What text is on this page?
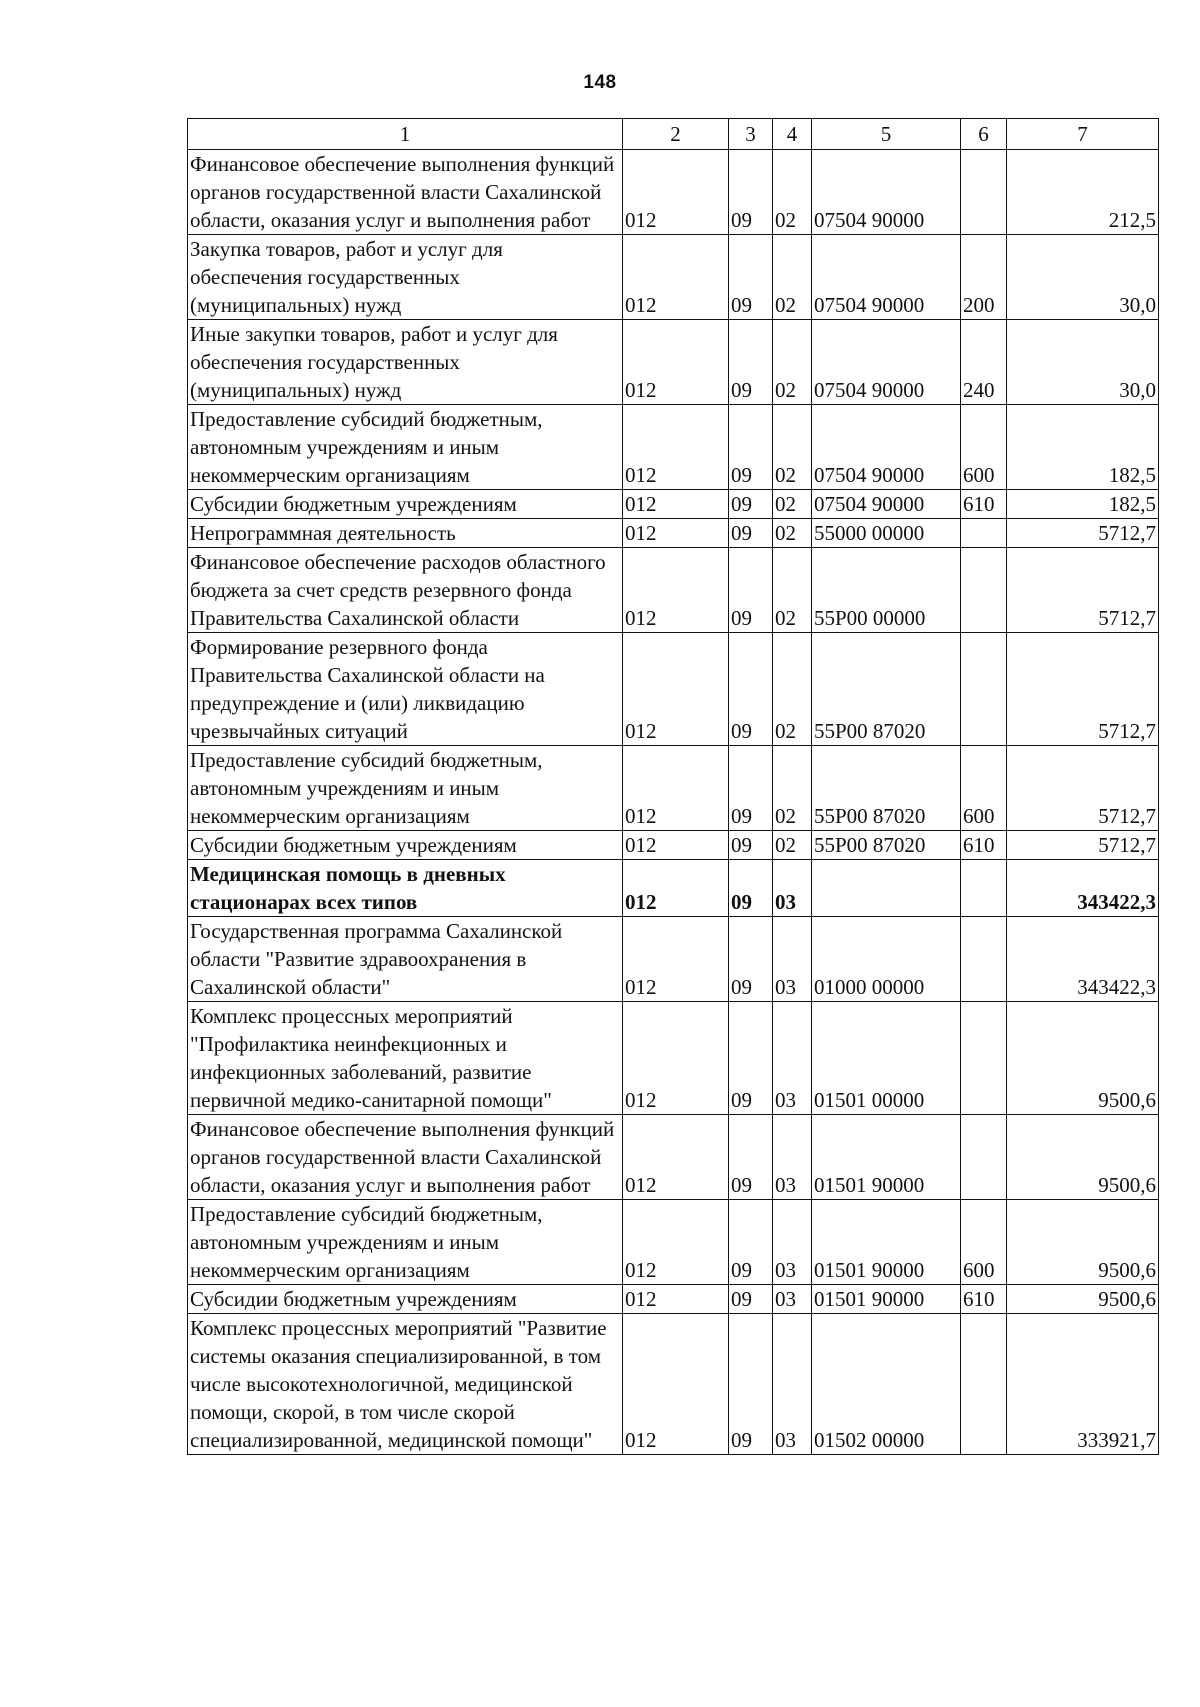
148
1	2	3	4	5	6	7
Финансовое обеспечение выполнения функций органов государственной власти Сахалинской области, оказания услуг и выполнения работ	012	09	02	07504 90000		212,5
Закупка товаров, работ и услуг для обеспечения государственных (муниципальных) нужд	012	09	02	07504 90000	200	30,0
Иные закупки товаров, работ и услуг для обеспечения государственных (муниципальных) нужд	012	09	02	07504 90000	240	30,0
Предоставление субсидий бюджетным, автономным учреждениям и иным некоммерческим организациям	012	09	02	07504 90000	600	182,5
Субсидии бюджетным учреждениям	012	09	02	07504 90000	610	182,5
Непрограммная деятельность	012	09	02	55000 00000		5712,7
Финансовое обеспечение расходов областного бюджета за счет средств резервного фонда Правительства Сахалинской области	012	09	02	55Р00 00000		5712,7
Формирование резервного фонда Правительства Сахалинской области на предупреждение и (или) ликвидацию чрезвычайных ситуаций	012	09	02	55Р00 87020		5712,7
Предоставление субсидий бюджетным, автономным учреждениям и иным некоммерческим организациям	012	09	02	55Р00 87020	600	5712,7
Субсидии бюджетным учреждениям	012	09	02	55Р00 87020	610	5712,7
Медицинская помощь в дневных стационарах всех типов	012	09	03			343422,3
Государственная программа Сахалинской области "Развитие здравоохранения в Сахалинской области"	012	09	03	01000 00000		343422,3
Комплекс процессных мероприятий "Профилактика неинфекционных и инфекционных заболеваний, развитие первичной медико-санитарной помощи"	012	09	03	01501 00000		9500,6
Финансовое обеспечение выполнения функций органов государственной власти Сахалинской области, оказания услуг и выполнения работ	012	09	03	01501 90000		9500,6
Предоставление субсидий бюджетным, автономным учреждениям и иным некоммерческим организациям	012	09	03	01501 90000	600	9500,6
Субсидии бюджетным учреждениям	012	09	03	01501 90000	610	9500,6
Комплекс процессных мероприятий "Развитие системы оказания специализированной, в том числе высокотехнологичной, медицинской помощи, скорой, в том числе скорой специализированной, медицинской помощи"	012	09	03	01502 00000		333921,7
